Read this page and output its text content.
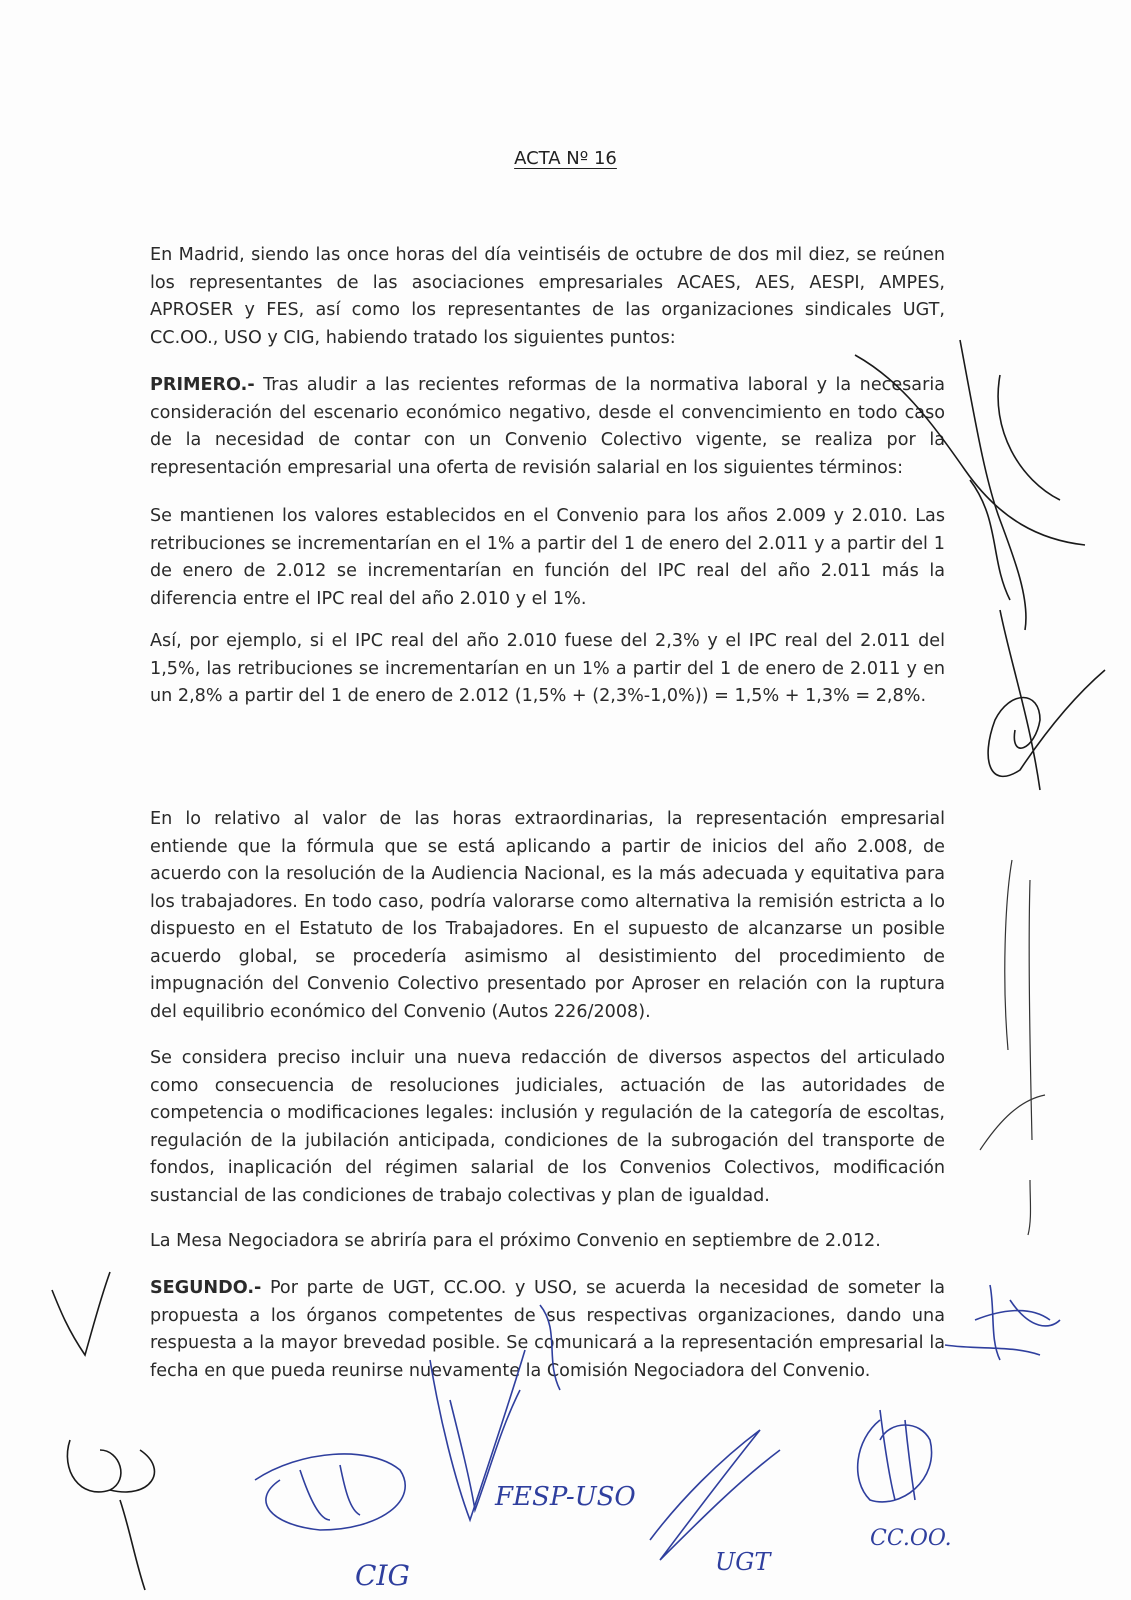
ACTA Nº 16
En Madrid, siendo las once horas del día veintiséis de octubre de dos mil diez, se reúnen los representantes de las asociaciones empresariales ACAES, AES, AESPI, AMPES, APROSER y FES, así como los representantes de las organizaciones sindicales UGT, CC.OO., USO y CIG, habiendo tratado los siguientes puntos:
PRIMERO.- Tras aludir a las recientes reformas de la normativa laboral y la necesaria consideración del escenario económico negativo, desde el convencimiento en todo caso de la necesidad de contar con un Convenio Colectivo vigente, se realiza por la representación empresarial una oferta de revisión salarial en los siguientes términos:
Se mantienen los valores establecidos en el Convenio para los años 2.009 y 2.010. Las retribuciones se incrementarían en el 1% a partir del 1 de enero del 2.011 y a partir del 1 de enero de 2.012 se incrementarían en función del IPC real del año 2.011 más la diferencia entre el IPC real del año 2.010 y el 1%.
Así, por ejemplo, si el IPC real del año 2.010 fuese del 2,3% y el IPC real del 2.011 del 1,5%, las retribuciones se incrementarían en un 1% a partir del 1 de enero de 2.011 y en un 2,8% a partir del 1 de enero de 2.012 (1,5% + (2,3%-1,0%)) = 1,5% + 1,3% = 2,8%.
En lo relativo al valor de las horas extraordinarias, la representación empresarial entiende que la fórmula que se está aplicando a partir de inicios del año 2.008, de acuerdo con la resolución de la Audiencia Nacional, es la más adecuada y equitativa para los trabajadores. En todo caso, podría valorarse como alternativa la remisión estricta a lo dispuesto en el Estatuto de los Trabajadores. En el supuesto de alcanzarse un posible acuerdo global, se procedería asimismo al desistimiento del procedimiento de impugnación del Convenio Colectivo presentado por Aproser en relación con la ruptura del equilibrio económico del Convenio (Autos 226/2008).
Se considera preciso incluir una nueva redacción de diversos aspectos del articulado como consecuencia de resoluciones judiciales, actuación de las autoridades de competencia o modificaciones legales: inclusión y regulación de la categoría de escoltas, regulación de la jubilación anticipada, condiciones de la subrogación del transporte de fondos, inaplicación del régimen salarial de los Convenios Colectivos, modificación sustancial de las condiciones de trabajo colectivas y plan de igualdad.
La Mesa Negociadora se abriría para el próximo Convenio en septiembre de 2.012.
SEGUNDO.- Por parte de UGT, CC.OO. y USO, se acuerda la necesidad de someter la propuesta a los órganos competentes de sus respectivas organizaciones, dando una respuesta a la mayor brevedad posible. Se comunicará a la representación empresarial la fecha en que pueda reunirse nuevamente la Comisión Negociadora del Convenio.
CIG
FESP-USO
UGT
CC.OO.
